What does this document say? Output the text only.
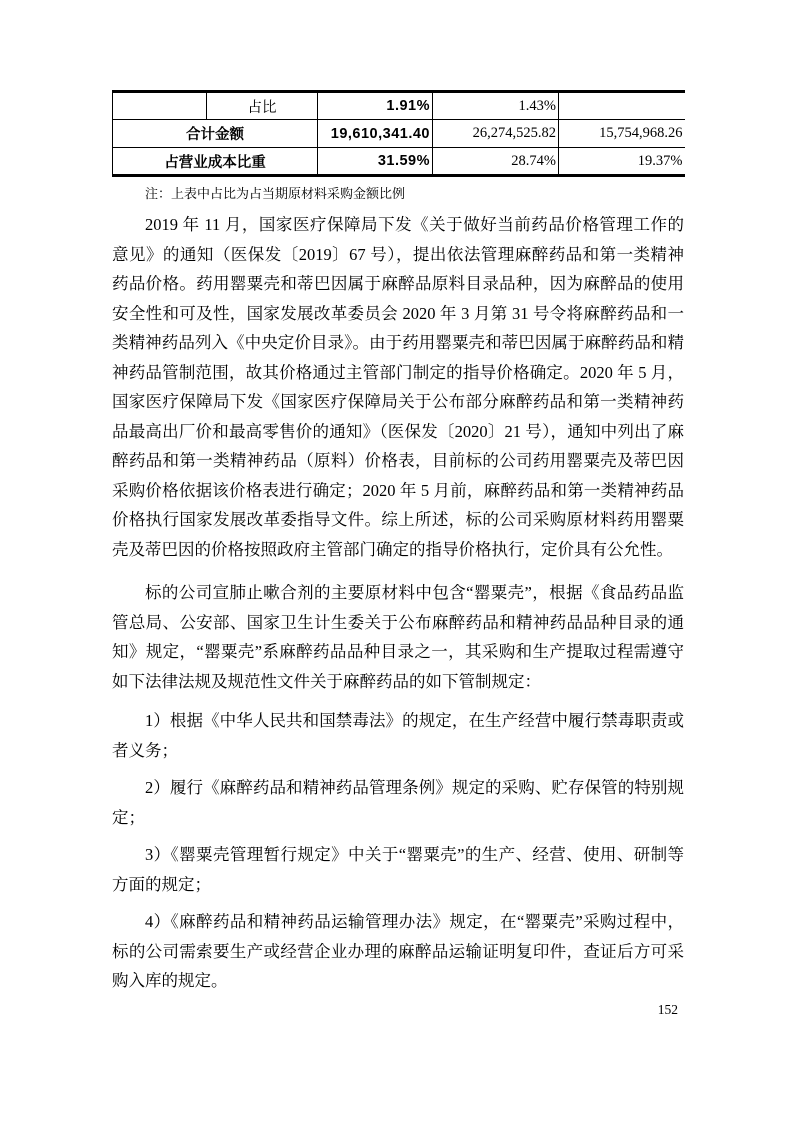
	占比	1.91%	1.43%	
合计金额		19,610,341.40	26,274,525.82	15,754,968.26
占营业成本比重		31.59%	28.74%	19.37%

注：上表中占比为占当期原材料采购金额比例

2019 年 11 月，国家医疗保障局下发《关于做好当前药品价格管理工作的意见》的通知（医保发〔2019〕67 号），提出依法管理麻醉药品和第一类精神药品价格。药用罂粟壳和蒂巴因属于麻醉品原料目录品种，因为麻醉品的使用安全性和可及性，国家发展改革委员会 2020 年 3 月第 31 号令将麻醉药品和一类精神药品列入《中央定价目录》。由于药用罂粟壳和蒂巴因属于麻醉药品和精神药品管制范围，故其价格通过主管部门制定的指导价格确定。2020 年 5 月，国家医疗保障局下发《国家医疗保障局关于公布部分麻醉药品和第一类精神药品最高出厂价和最高零售价的通知》（医保发〔2020〕21 号），通知中列出了麻醉药品和第一类精神药品（原料）价格表，目前标的公司药用罂粟壳及蒂巴因采购价格依据该价格表进行确定；2020 年 5 月前，麻醉药品和第一类精神药品价格执行国家发展改革委指导文件。综上所述，标的公司采购原材料药用罂粟壳及蒂巴因的价格按照政府主管部门确定的指导价格执行，定价具有公允性。

标的公司宣肺止嗽合剂的主要原材料中包含“罂粟壳”，根据《食品药品监管总局、公安部、国家卫生计生委关于公布麻醉药品和精神药品品种目录的通知》规定，“罂粟壳”系麻醉药品品种目录之一，其采购和生产提取过程需遵守如下法律法规及规范性文件关于麻醉药品的如下管制规定：

1）根据《中华人民共和国禁毒法》的规定，在生产经营中履行禁毒职责或者义务；

2）履行《麻醉药品和精神药品管理条例》规定的采购、贮存保管的特别规定；

3）《罂粟壳管理暂行规定》中关于“罂粟壳”的生产、经营、使用、研制等方面的规定；

4）《麻醉药品和精神药品运输管理办法》规定，在“罂粟壳”采购过程中，标的公司需索要生产或经营企业办理的麻醉品运输证明复印件，查证后方可采购入库的规定。

152
